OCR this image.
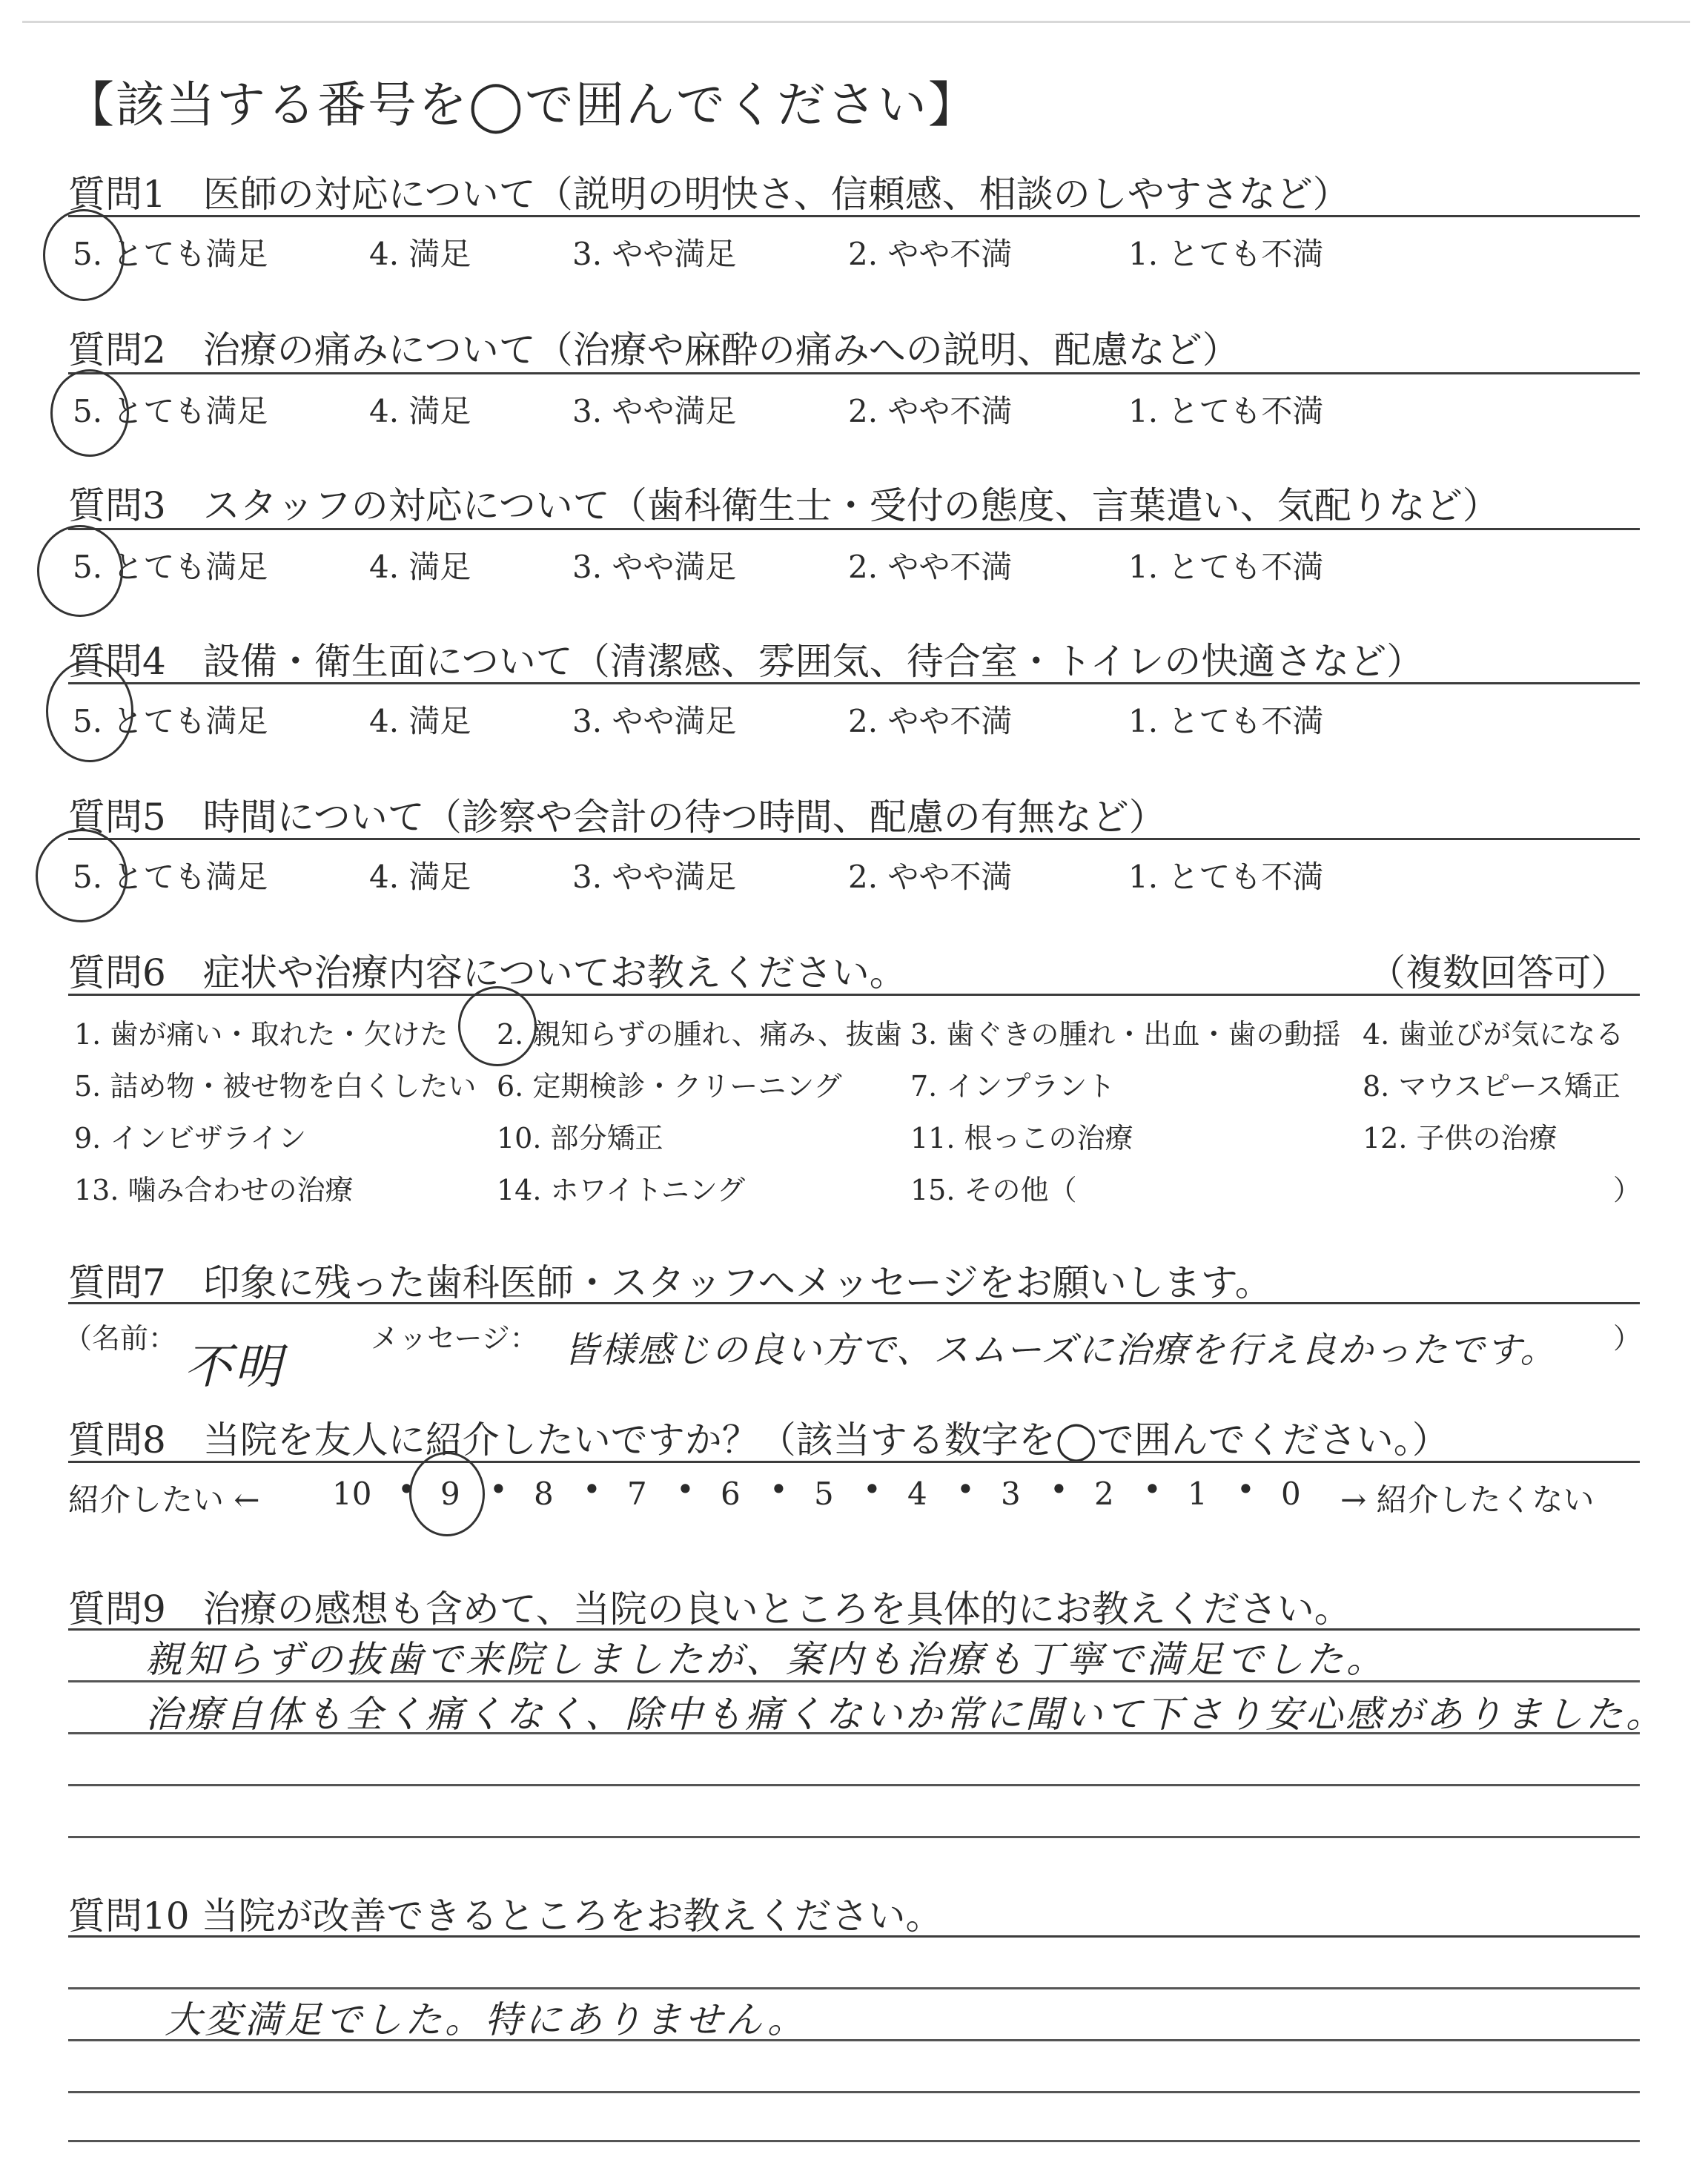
【該当する番号を◯で囲んでください】
質問1　医師の対応について（説明の明快さ、信頼感、相談のしやすさなど）
5. とても満足	4. 満足	3. やや満足	2. やや不満	1. とても不満
質問2　治療の痛みについて（治療や麻酔の痛みへの説明、配慮など）
5. とても満足	4. 満足	3. やや満足	2. やや不満	1. とても不満
質問3　スタッフの対応について（歯科衛生士・受付の態度、言葉遣い、気配りなど）
5. とても満足	4. 満足	3. やや満足	2. やや不満	1. とても不満
質問4　設備・衛生面について（清潔感、雰囲気、待合室・トイレの快適さなど）
5. とても満足	4. 満足	3. やや満足	2. やや不満	1. とても不満
質問5　時間について（診察や会計の待つ時間、配慮の有無など）
5. とても満足	4. 満足	3. やや満足	2. やや不満	1. とても不満
質問6　症状や治療内容についてお教えください。	（複数回答可）
1. 歯が痛い・取れた・欠けた 2. 親知らずの腫れ、痛み、抜歯 3. 歯ぐきの腫れ・出血・歯の動揺 4. 歯並びが気になる
5. 詰め物・被せ物を白くしたい 6. 定期検診・クリーニング 7. インプラント	8. マウスピース矯正
9. インビザライン	10. 部分矯正	11. 根っこの治療	12. 子供の治療
13. 噛み合わせの治療	14. ホワイトニング	15. その他（	）
質問7　印象に残った歯科医師・スタッフへメッセージをお願いします。
（名前：
不明
メッセージ： 皆様感じの良い方で、スムーズに治療を行え良かったです。 ）
質問8　当院を友人に紹介したいですか？（該当する数字を◯で囲んでください。）
紹介したい ← 10 • 9 • 8 • 7 • 6 • 5 • 4 • 3 • 2 • 1 • 0 → 紹介したくない
質問9　治療の感想も含めて、当院の良いところを具体的にお教えください。
親知らずの抜歯で来院しましたが、案内も治療も丁寧で満足でした。
治療自体も全く痛くなく、除中も痛くないか常に聞いて下さり安心感がありました。
質問10 当院が改善できるところをお教えください。
大変満足でした。特にありません。
